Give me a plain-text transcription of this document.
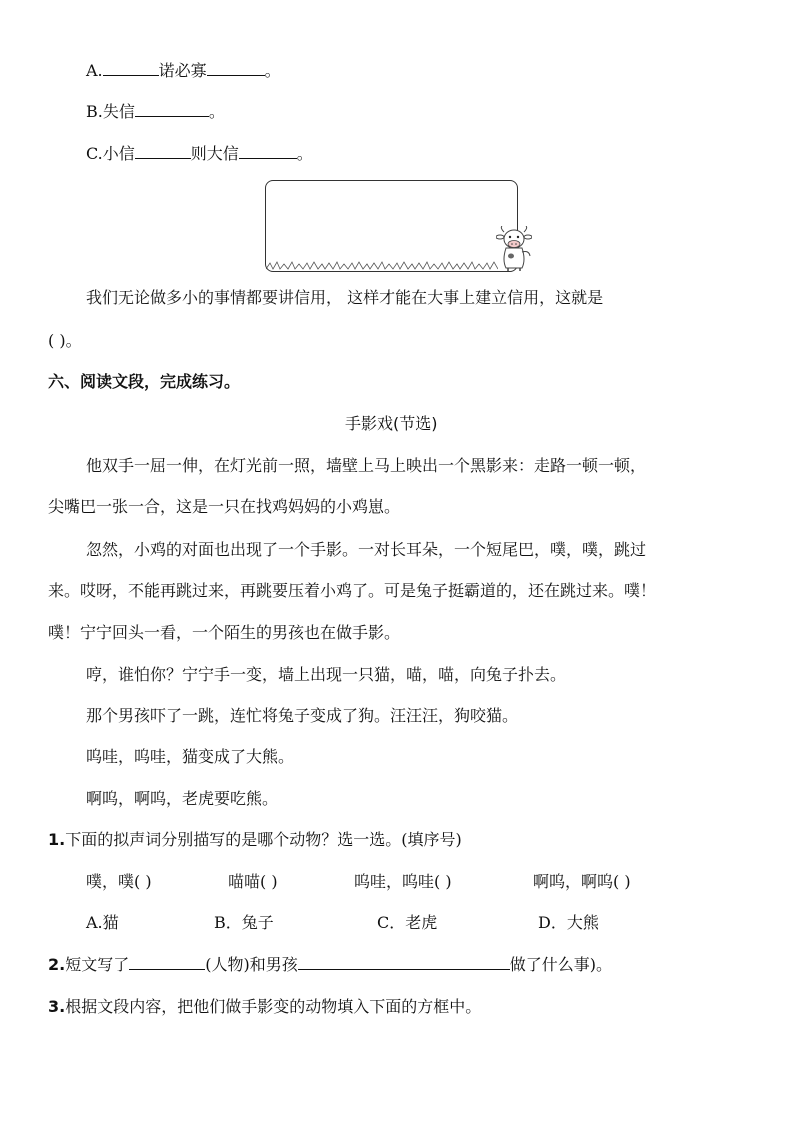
A.	诺必寡	。
B.失信	。
C.小信	则大信	。
我们无论做多小的事情都要讲信用， 这样才能在大事上建立信用，这就是
( )。
六、阅读文段，完成练习。
手影戏(节选)
他双手一屈一伸，在灯光前一照，墙壁上马上映出一个黑影来：走路一顿一顿，
尖嘴巴一张一合，这是一只在找鸡妈妈的小鸡崽。
忽然，小鸡的对面也出现了一个手影。一对长耳朵，一个短尾巴，噗，噗，跳过
来。哎呀，不能再跳过来，再跳要压着小鸡了。可是兔子挺霸道的，还在跳过来。噗！
噗！宁宁回头一看，一个陌生的男孩也在做手影。
哼，谁怕你？宁宁手一变，墙上出现一只猫，喵，喵，向兔子扑去。
那个男孩吓了一跳，连忙将兔子变成了狗。汪汪汪，狗咬猫。
呜哇，呜哇，猫变成了大熊。
啊呜，啊呜，老虎要吃熊。
1.下面的拟声词分别描写的是哪个动物？选一选。(填序号)
噗，噗( )	喵喵( )	呜哇，呜哇( )	啊呜，啊呜( )
A.猫	B．兔子	C．老虎	D．大熊
2.短文写了	(人物)和男孩	做了什么事)。
3.根据文段内容，把他们做手影变的动物填入下面的方框中。
